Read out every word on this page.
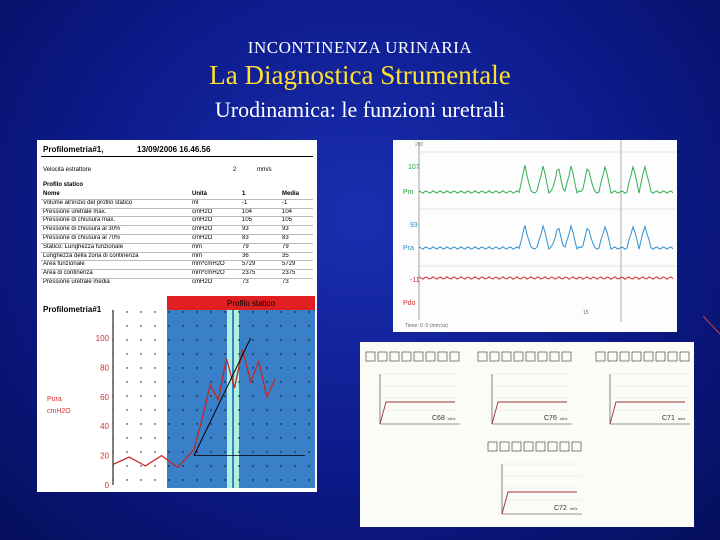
INCONTINENZA URINARIA
La Diagnostica Strumentale
Urodinamica: le funzioni uretrali
Profilometria#1,	13/09/2006 16.46.56
Velocità estrattore	2	mm/s
Profilo statico
Nome	Unità	1	Media
Volume all'inizio del profilo statico	ml	-1	-1
Pressione uretrale max.	cmH2O	104	104
Pressione di chiusura max.	cmH2O	105	105
Pressione di chiusura al 30%	cmH2O	93	93
Pressione di chiusura al 70%	cmH2O	83	83
Statico: Lunghezza funzionale	mm	79	79
Lunghezza della zona di continenza	mm	36	35
Area funzionale	mm*cmH2O	5729	5729
Area di continenza	mm*cmH2O	2375	2375
Pressione uretrale media	cmH2O	73	73
Profilometria#1
Profilo statico
0
20
40
60
80
100
Pura
cmH2O
200
107
Pm
93
Pra
-11
Pdo
Tiene: 0 :0 (mm:ss)
15
C68 ml/s	C76 ml/s	C71 ml/s
C72 ml/s
